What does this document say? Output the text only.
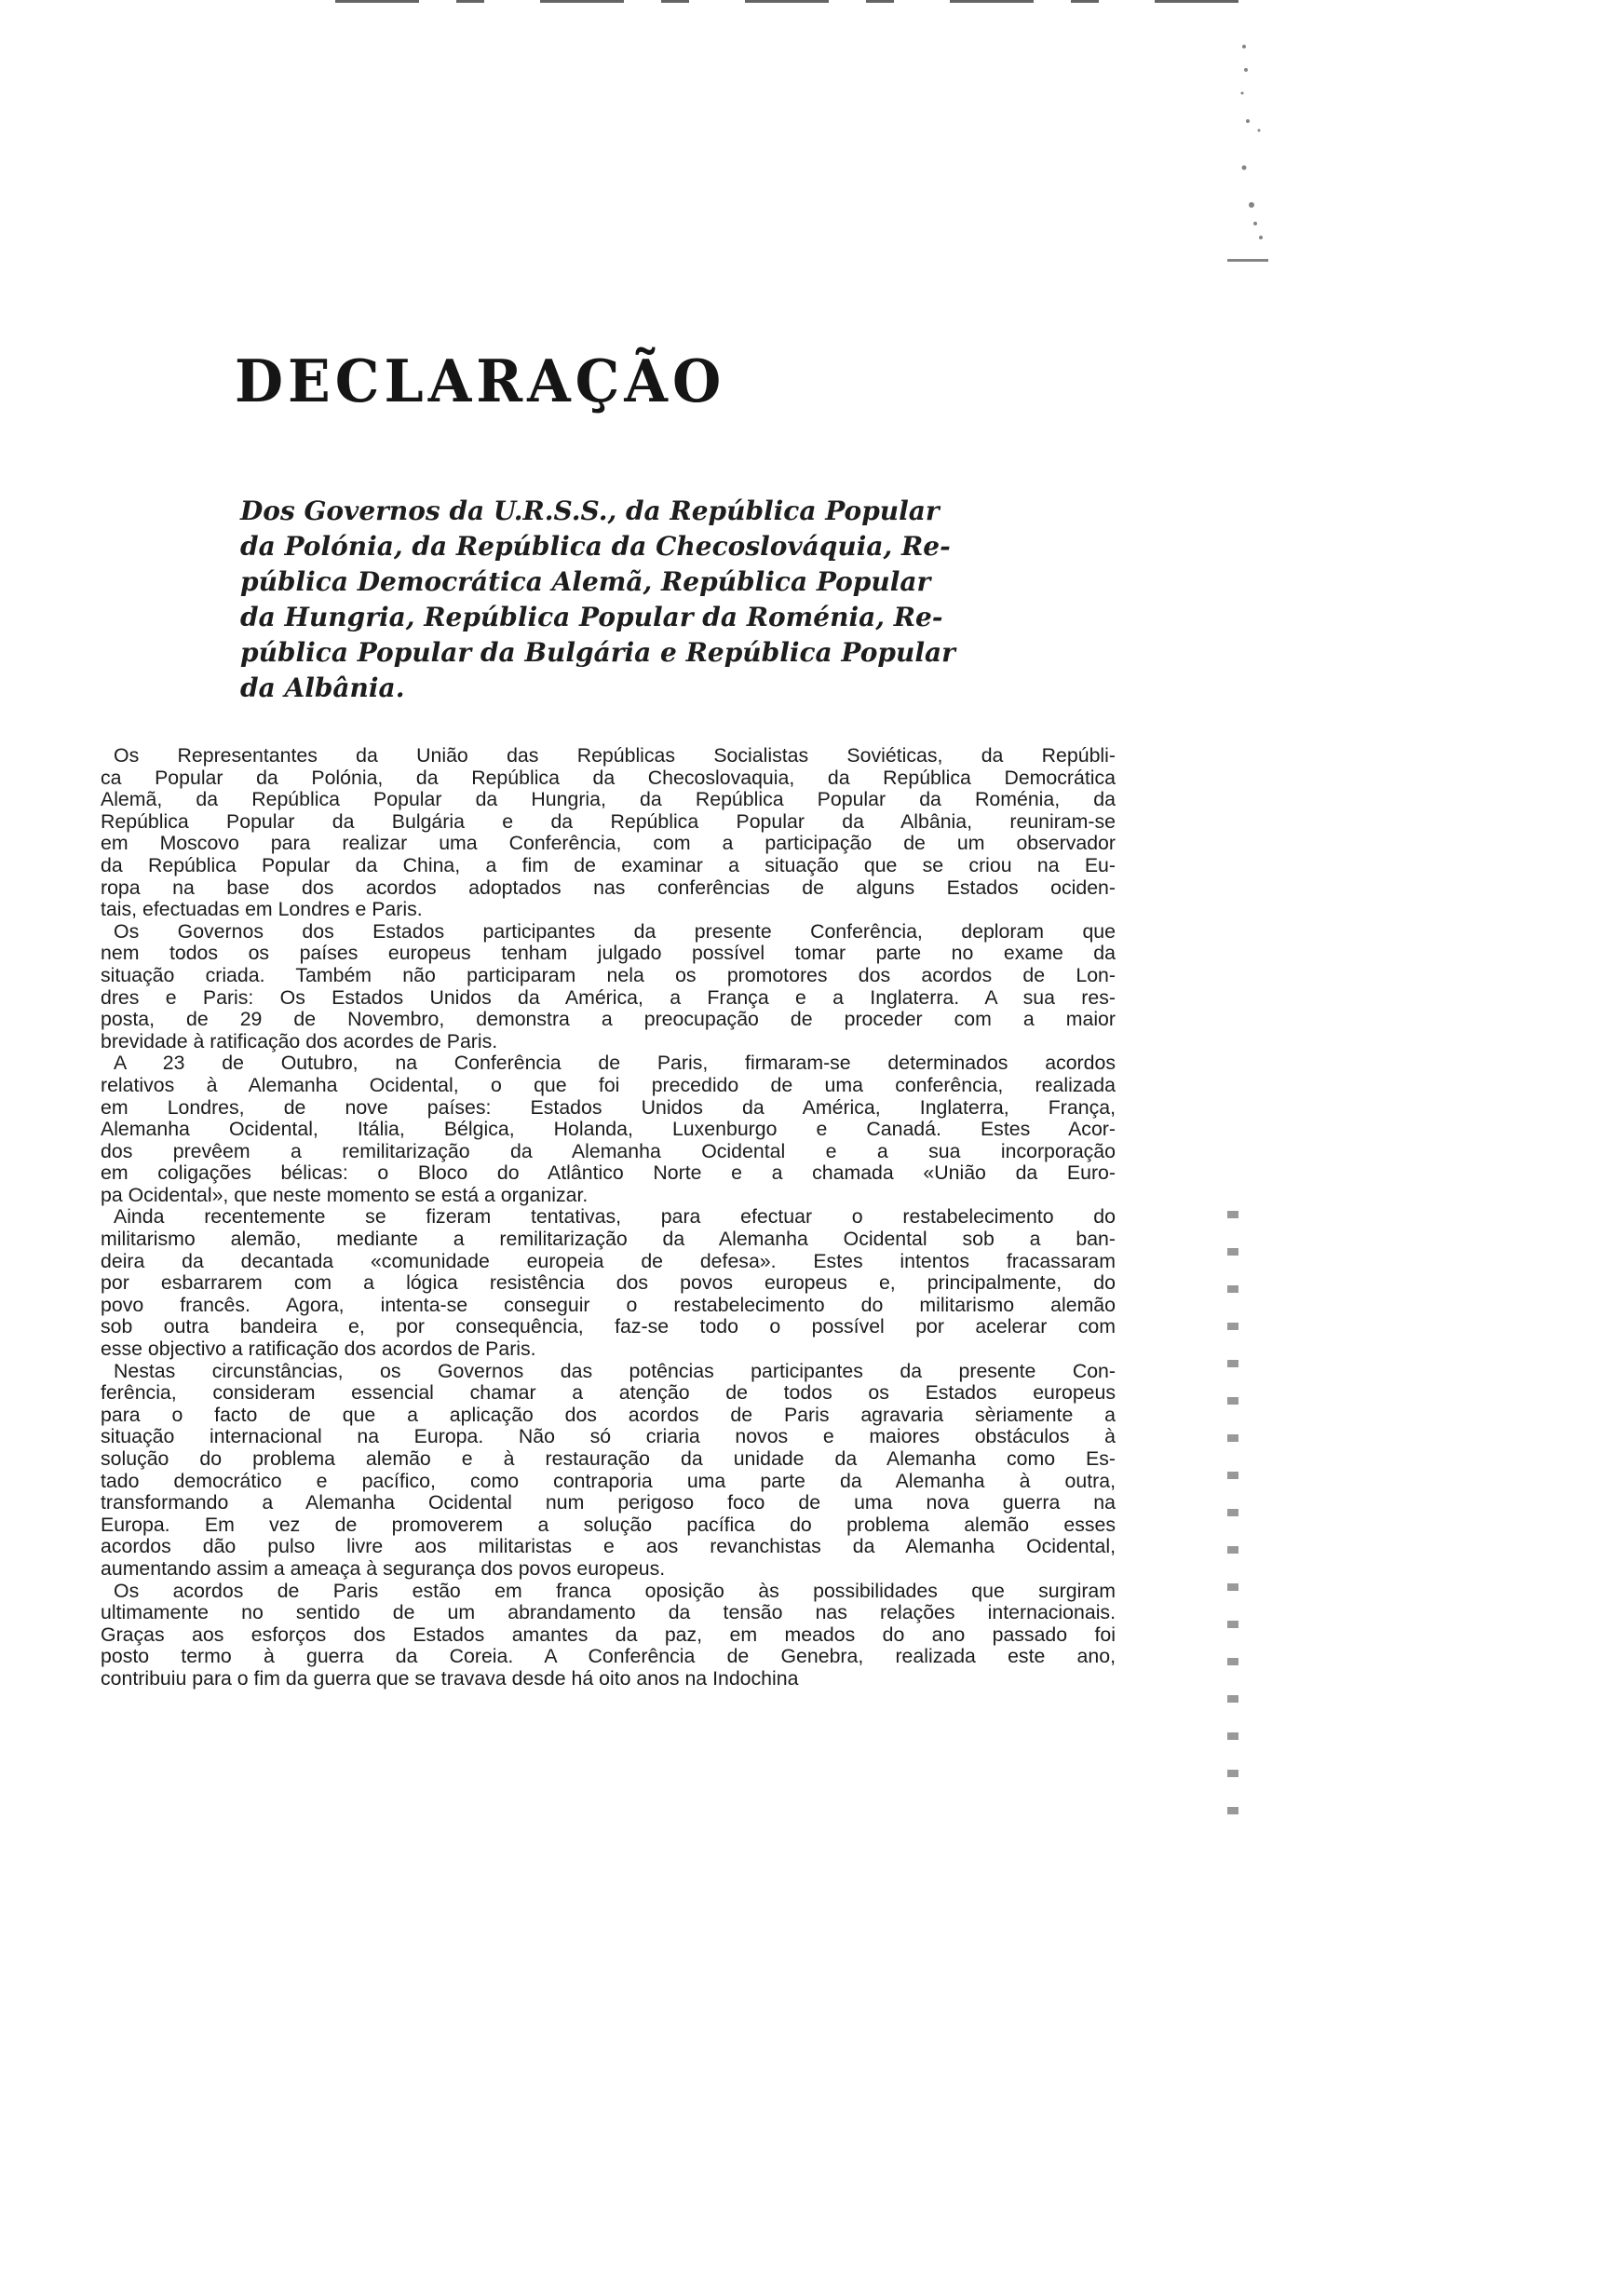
DECLARAÇÃO
Dos Governos da U.R.S.S., da República Popular
da Polónia, da República da Checoslováquia, Re-
pública Democrática Alemã, República Popular
da Hungria, República Popular da Roménia, Re-
pública Popular da Bulgária e República Popular
da Albânia.
Os Representantes da União das Repúblicas Socialistas Soviéticas, da Repúbli-
ca Popular da Polónia, da República da Checoslovaquia, da República Democrática
Alemã, da República Popular da Hungria, da República Popular da Roménia, da
República Popular da Bulgária e da República Popular da Albânia, reuniram-se
em Moscovo para realizar uma Conferência, com a participação de um observador
da República Popular da China, a fim de examinar a situação que se criou na Eu-
ropa na base dos acordos adoptados nas conferências de alguns Estados ociden-
tais, efectuadas em Londres e Paris.
Os Governos dos Estados participantes da presente Conferência, deploram que
nem todos os países europeus tenham julgado possível tomar parte no exame da
situação criada. Também não participaram nela os promotores dos acordos de Lon-
dres e Paris: Os Estados Unidos da América, a França e a Inglaterra. A sua res-
posta, de 29 de Novembro, demonstra a preocupação de proceder com a maior
brevidade à ratificação dos acordes de Paris.
A 23 de Outubro, na Conferência de Paris, firmaram-se determinados acordos
relativos à Alemanha Ocidental, o que foi precedido de uma conferência, realizada
em Londres, de nove países: Estados Unidos da América, Inglaterra, França,
Alemanha Ocidental, Itália, Bélgica, Holanda, Luxenburgo e Canadá. Estes Acor-
dos prevêem a remilitarização da Alemanha Ocidental e a sua incorporação
em coligações bélicas: o Bloco do Atlântico Norte e a chamada «União da Euro-
pa Ocidental», que neste momento se está a organizar.
Ainda recentemente se fizeram tentativas, para efectuar o restabelecimento do
militarismo alemão, mediante a remilitarização da Alemanha Ocidental sob a ban-
deira da decantada «comunidade europeia de defesa». Estes intentos fracassaram
por esbarrarem com a lógica resistência dos povos europeus e, principalmente, do
povo francês. Agora, intenta-se conseguir o restabelecimento do militarismo alemão
sob outra bandeira e, por consequência, faz-se todo o possível por acelerar com
esse objectivo a ratificação dos acordos de Paris.
Nestas circunstâncias, os Governos das potências participantes da presente Con-
ferência, consideram essencial chamar a atenção de todos os Estados europeus
para o facto de que a aplicação dos acordos de Paris agravaria sèriamente a
situação internacional na Europa. Não só criaria novos e maiores obstáculos à
solução do problema alemão e à restauração da unidade da Alemanha como Es-
tado democrático e pacífico, como contraporia uma parte da Alemanha à outra,
transformando a Alemanha Ocidental num perigoso foco de uma nova guerra na
Europa. Em vez de promoverem a solução pacífica do problema alemão esses
acordos dão pulso livre aos militaristas e aos revanchistas da Alemanha Ocidental,
aumentando assim a ameaça à segurança dos povos europeus.
Os acordos de Paris estão em franca oposição às possibilidades que surgiram
ultimamente no sentido de um abrandamento da tensão nas relações internacionais.
Graças aos esforços dos Estados amantes da paz, em meados do ano passado foi
posto termo à guerra da Coreia. A Conferência de Genebra, realizada este ano,
contribuiu para o fim da guerra que se travava desde há oito anos na Indochina
